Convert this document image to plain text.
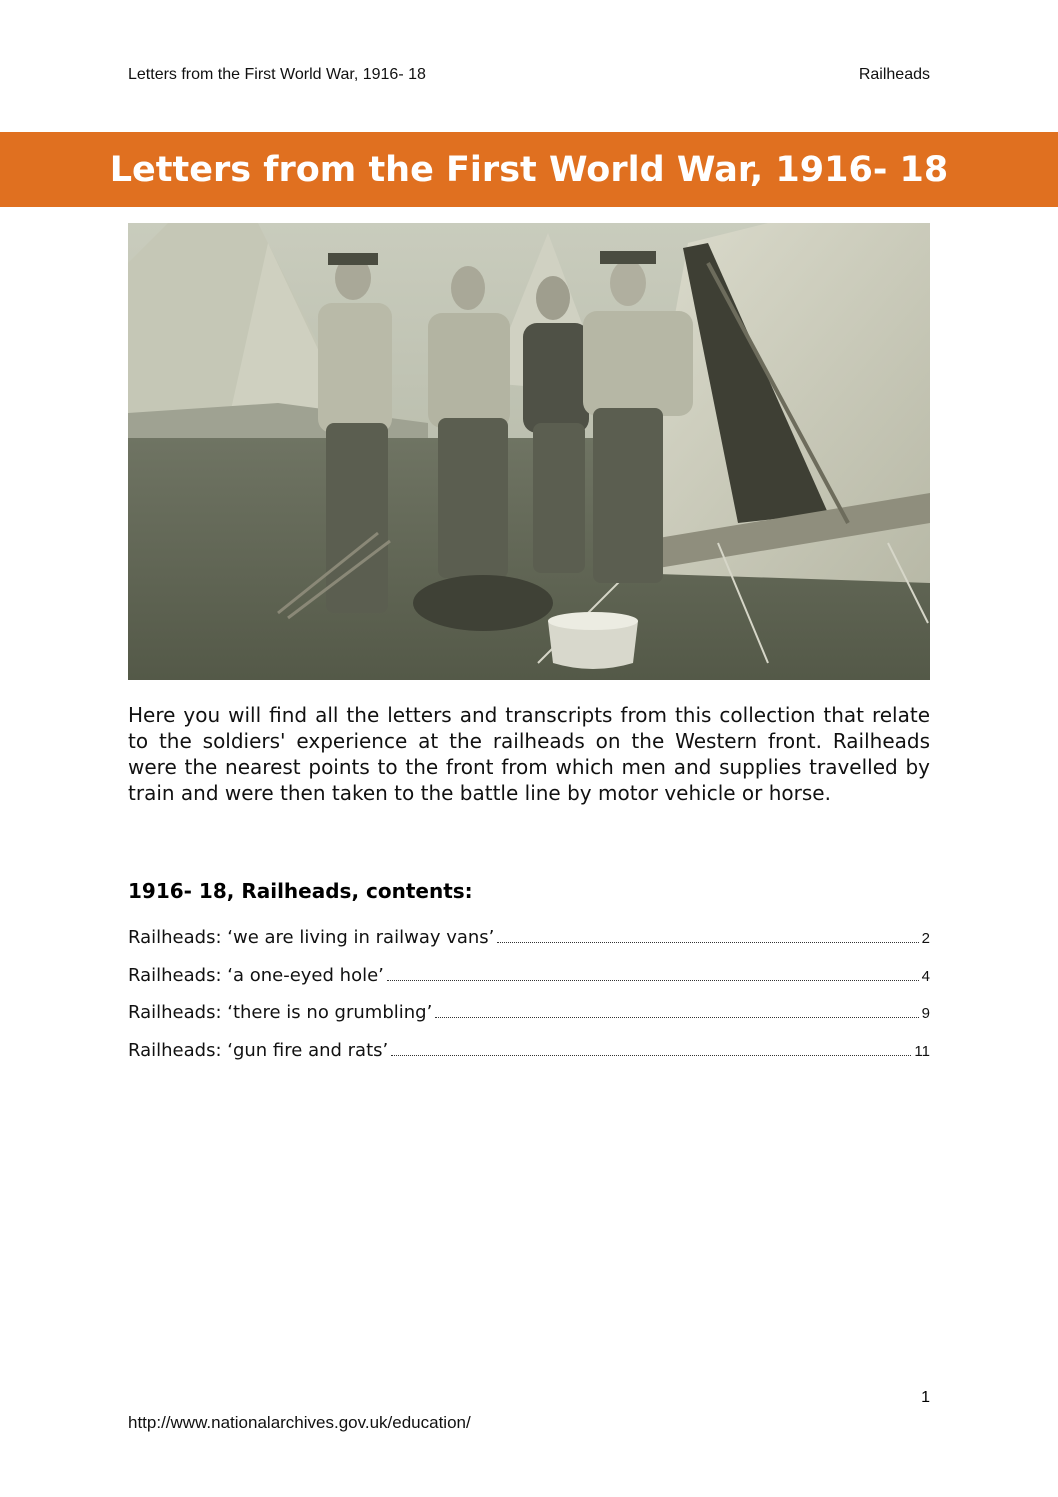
Letters from the First World War, 1916- 18	Railheads
Letters from the First World War, 1916- 18

Here you will find all the letters and transcripts from this collection that relate to the soldiers' experience at the railheads on the Western front. Railheads were the nearest points to the front from which men and supplies travelled by train and were then taken to the battle line by motor vehicle or horse.

1916- 18, Railheads, contents:
Railheads: ‘we are living in railway vans’	2
Railheads: ‘a one-eyed hole’	4
Railheads: ‘there is no grumbling’	9
Railheads: ‘gun fire and rats’	11
1
http://www.nationalarchives.gov.uk/education/
